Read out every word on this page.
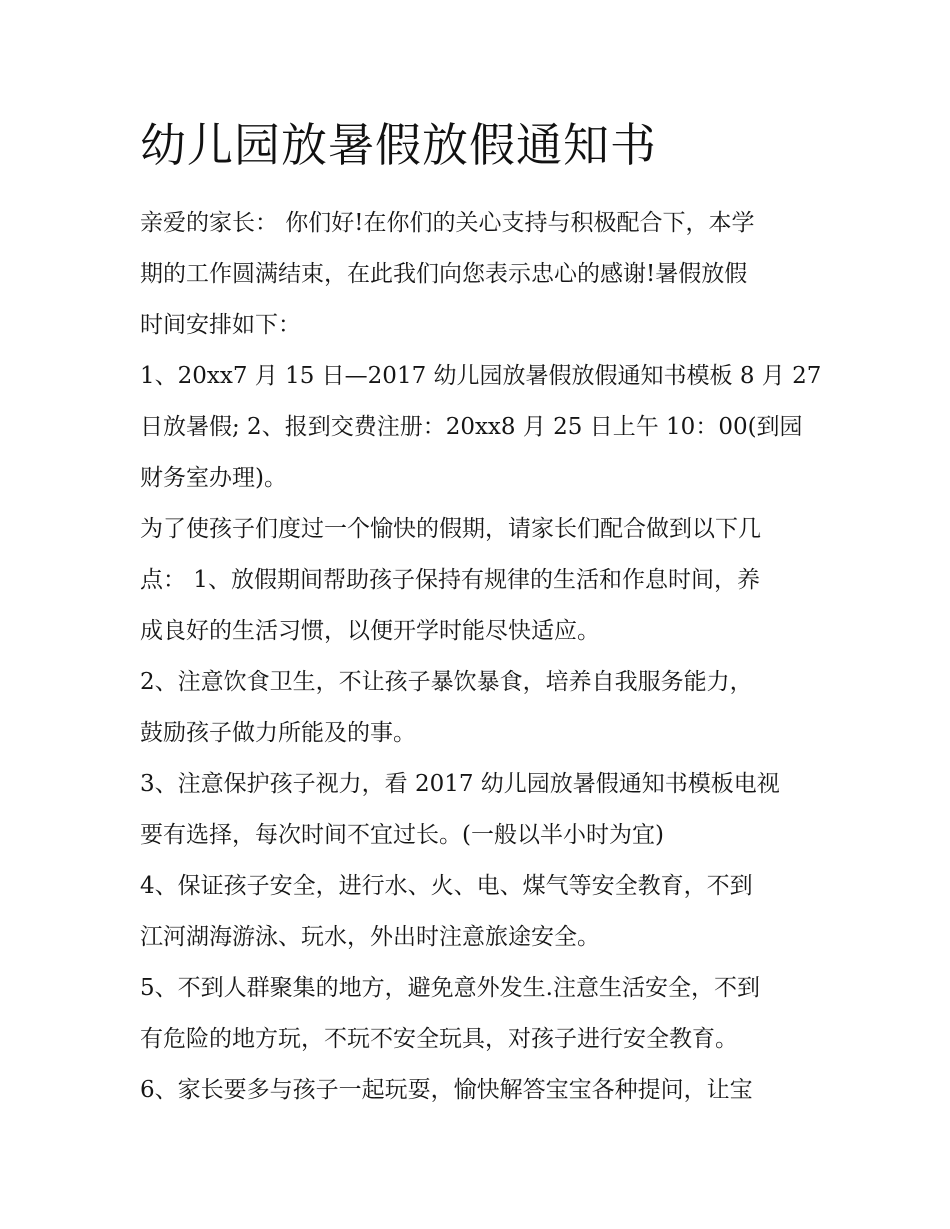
幼儿园放暑假放假通知书
亲爱的家长： 你们好!在你们的关心支持与积极配合下，本学
期的工作圆满结束，在此我们向您表示忠心的感谢!暑假放假
时间安排如下：
1、20xx7 月 15 日—2017 幼儿园放暑假放假通知书模板 8 月 27
日放暑假; 2、报到交费注册：20xx8 月 25 日上午 10：00(到园
财务室办理)。
为了使孩子们度过一个愉快的假期，请家长们配合做到以下几
点： 1、放假期间帮助孩子保持有规律的生活和作息时间，养
成良好的生活习惯，以便开学时能尽快适应。
2、注意饮食卫生，不让孩子暴饮暴食，培养自我服务能力，
鼓励孩子做力所能及的事。
3、注意保护孩子视力，看 2017 幼儿园放暑假通知书模板电视
要有选择，每次时间不宜过长。(一般以半小时为宜)
4、保证孩子安全，进行水、火、电、煤气等安全教育，不到
江河湖海游泳、玩水，外出时注意旅途安全。
5、不到人群聚集的地方，避免意外发生.注意生活安全，不到
有危险的地方玩，不玩不安全玩具，对孩子进行安全教育。
6、家长要多与孩子一起玩耍，愉快解答宝宝各种提问，让宝
